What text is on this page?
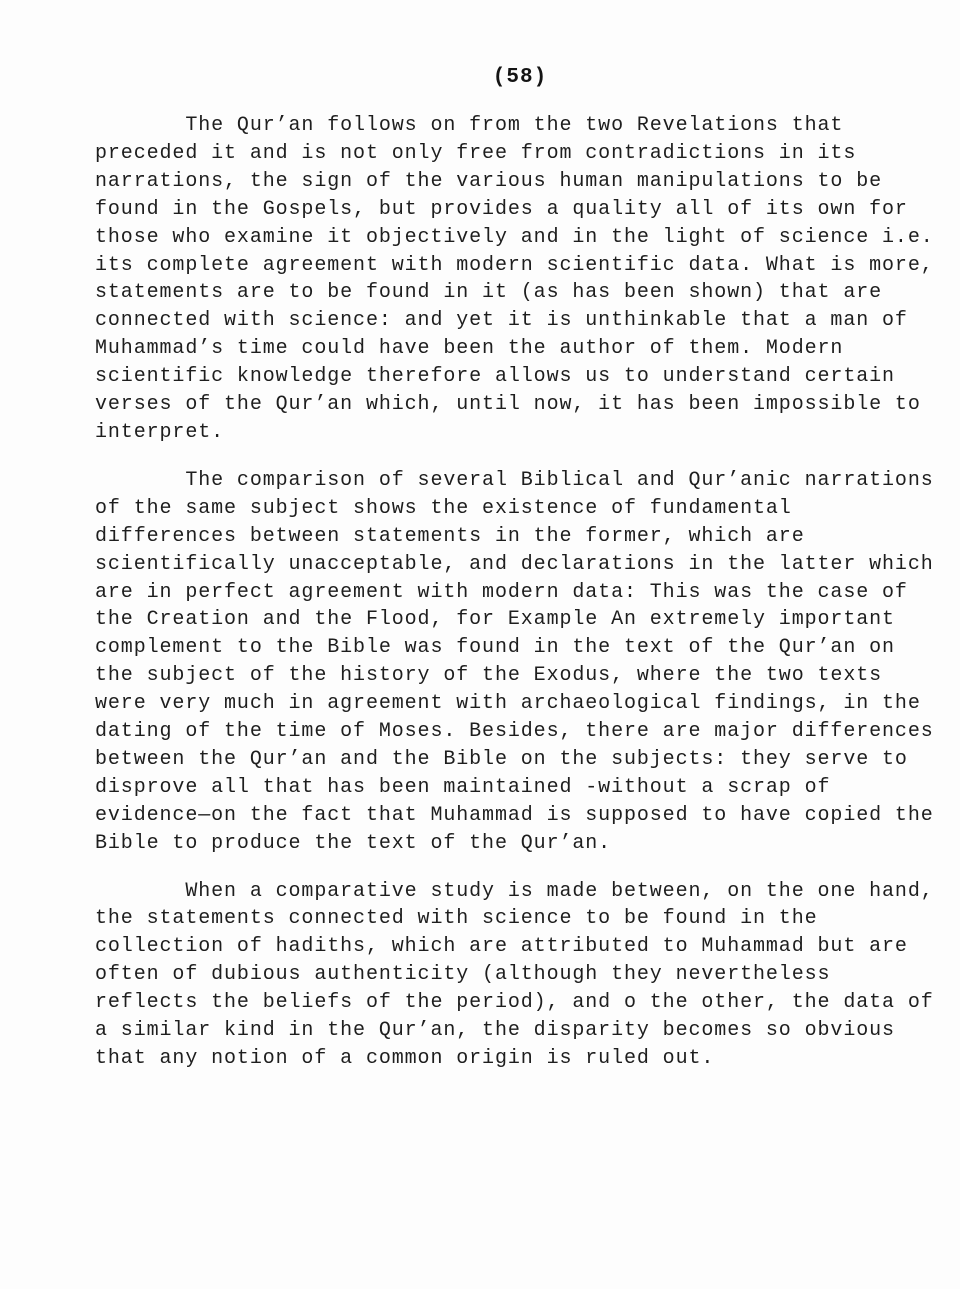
(58)
The Qur’an follows on from the two Revelations that
preceded it and is not only free from contradictions in its
narrations, the sign of the various human manipulations to be
found in the Gospels, but provides a quality all of its own for
those who examine it objectively and in the light of science i.e.
its complete agreement with modern scientific data. What is more,
statements are to be found in it (as has been shown) that are
connected with science: and yet it is unthinkable that a man of
Muhammad’s time could have been the author of them. Modern
scientific knowledge therefore allows us to understand certain
verses of the Qur’an which, until now, it has been impossible to
interpret.
The comparison of several Biblical and Qur’anic narrations
of the same subject shows the existence of fundamental
differences between statements in the former, which are
scientifically unacceptable, and declarations in the latter which
are in perfect agreement with modern data: This was the case of
the Creation and the Flood, for Example An extremely important
complement to the Bible was found in the text of the Qur’an on
the subject of the history of the Exodus, where the two texts
were very much in agreement with archaeological findings, in the
dating of the time of Moses. Besides, there are major differences
between the Qur’an and the Bible on the subjects: they serve to
disprove all that has been maintained -without a scrap of
evidence—on the fact that Muhammad is supposed to have copied the
Bible to produce the text of the Qur’an.
When a comparative study is made between, on the one hand,
the statements connected with science to be found in the
collection of hadiths, which are attributed to Muhammad but are
often of dubious authenticity (although they nevertheless
reflects the beliefs of the period), and o the other, the data of
a similar kind in the Qur’an, the disparity becomes so obvious
that any notion of a common origin is ruled out.
